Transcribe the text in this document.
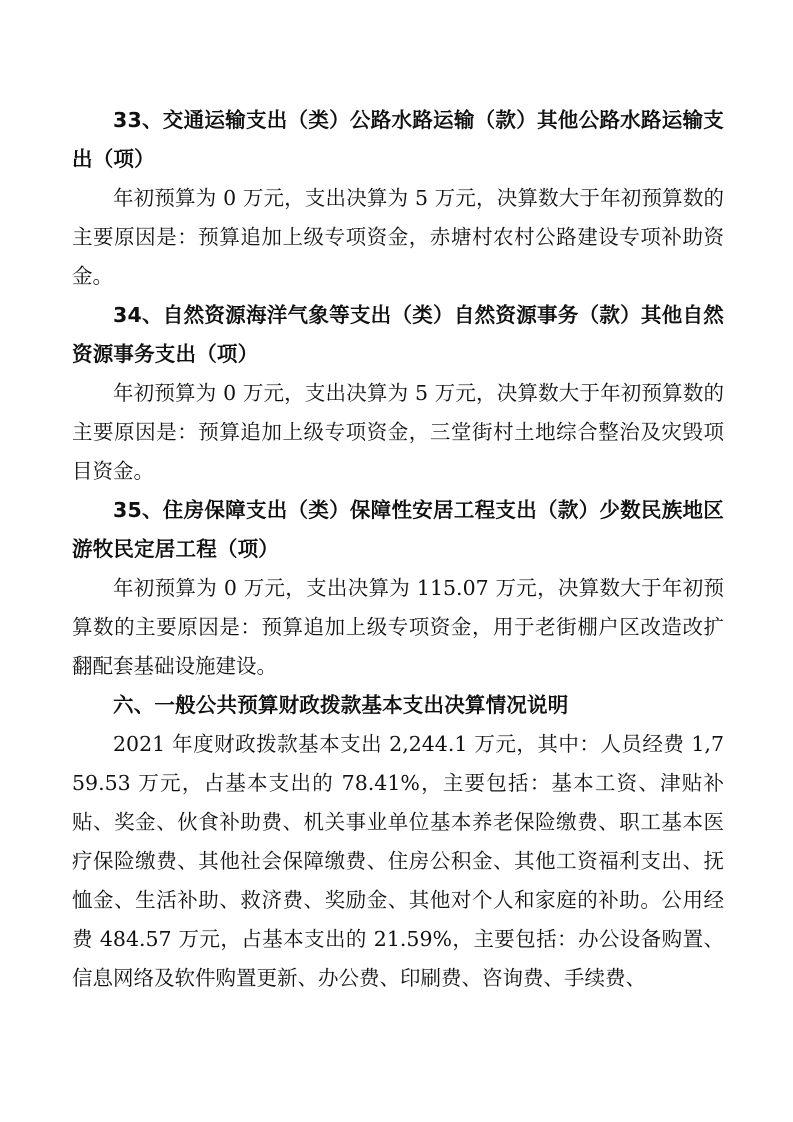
33、交通运输支出（类）公路水路运输（款）其他公路水路运输支出（项）

年初预算为 0 万元，支出决算为 5 万元，决算数大于年初预算数的主要原因是：预算追加上级专项资金，赤塘村农村公路建设专项补助资金。

34、自然资源海洋气象等支出（类）自然资源事务（款）其他自然资源事务支出（项）

年初预算为 0 万元，支出决算为 5 万元，决算数大于年初预算数的主要原因是：预算追加上级专项资金，三堂街村土地综合整治及灾毁项目资金。

35、住房保障支出（类）保障性安居工程支出（款）少数民族地区游牧民定居工程（项）

年初预算为 0 万元，支出决算为 115.07 万元，决算数大于年初预算数的主要原因是：预算追加上级专项资金，用于老街棚户区改造改扩翻配套基础设施建设。

六、一般公共预算财政拨款基本支出决算情况说明

2021 年度财政拨款基本支出 2,244.1 万元，其中：人员经费 1,759.53 万元，占基本支出的 78.41%，主要包括：基本工资、津贴补贴、奖金、伙食补助费、机关事业单位基本养老保险缴费、职工基本医疗保险缴费、其他社会保障缴费、住房公积金、其他工资福利支出、抚恤金、生活补助、救济费、奖励金、其他对个人和家庭的补助。公用经费 484.57 万元，占基本支出的 21.59%，主要包括：办公设备购置、信息网络及软件购置更新、办公费、印刷费、咨询费、手续费、
